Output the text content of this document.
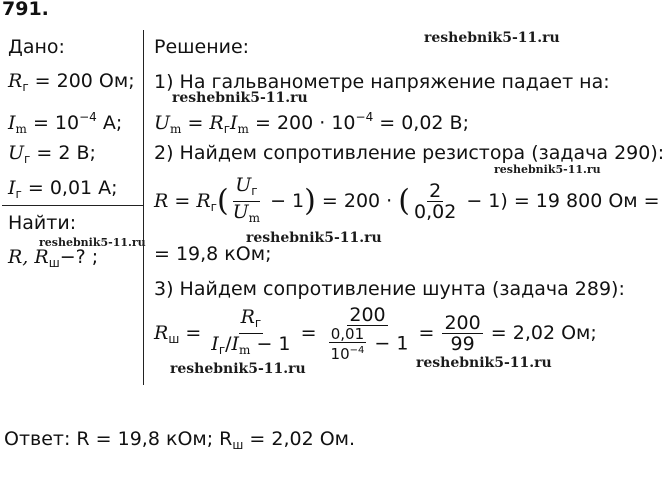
791.
Дано:
$R_г = 200$ Ом;
$I_m = 10^{-4}$ А;
$U_г = 2$ В;
$I_г = 0,01$ А;
Найти:
R, $R_ш-$? ;
Решение:
1) На гальванометре напряжение падает на:
$U_m = R_гI_m = 200 \cdot 10^{-4} = 0,02$ В;
2) Найдем сопротивление резистора (задача 290):
$R = R_г( \frac{U_г}{U_m} - 1) = 200$ · ( $\frac{2}{0,02} - 1) = 19$ 800 Ом =
= 19,8 кОм;
3) Найдем сопротивление шунта (задача 289):
$R_ш = \frac{R_г}{I_г/I_m - 1} = \frac{200}{\frac{0,01}{10^{-4}} - 1} = \frac{200}{99} = 2,02$ Ом;
Ответ: R = 19,8 кОм; $R_ш = 2,02$ Ом.
reshebnik5-11.ru
reshebnik5-11.ru
reshebnik5-11.ru
reshebnik5-11.ru	reshebnik5-11.ru
reshebnik5-11.ru	reshebnik5-11.ru
